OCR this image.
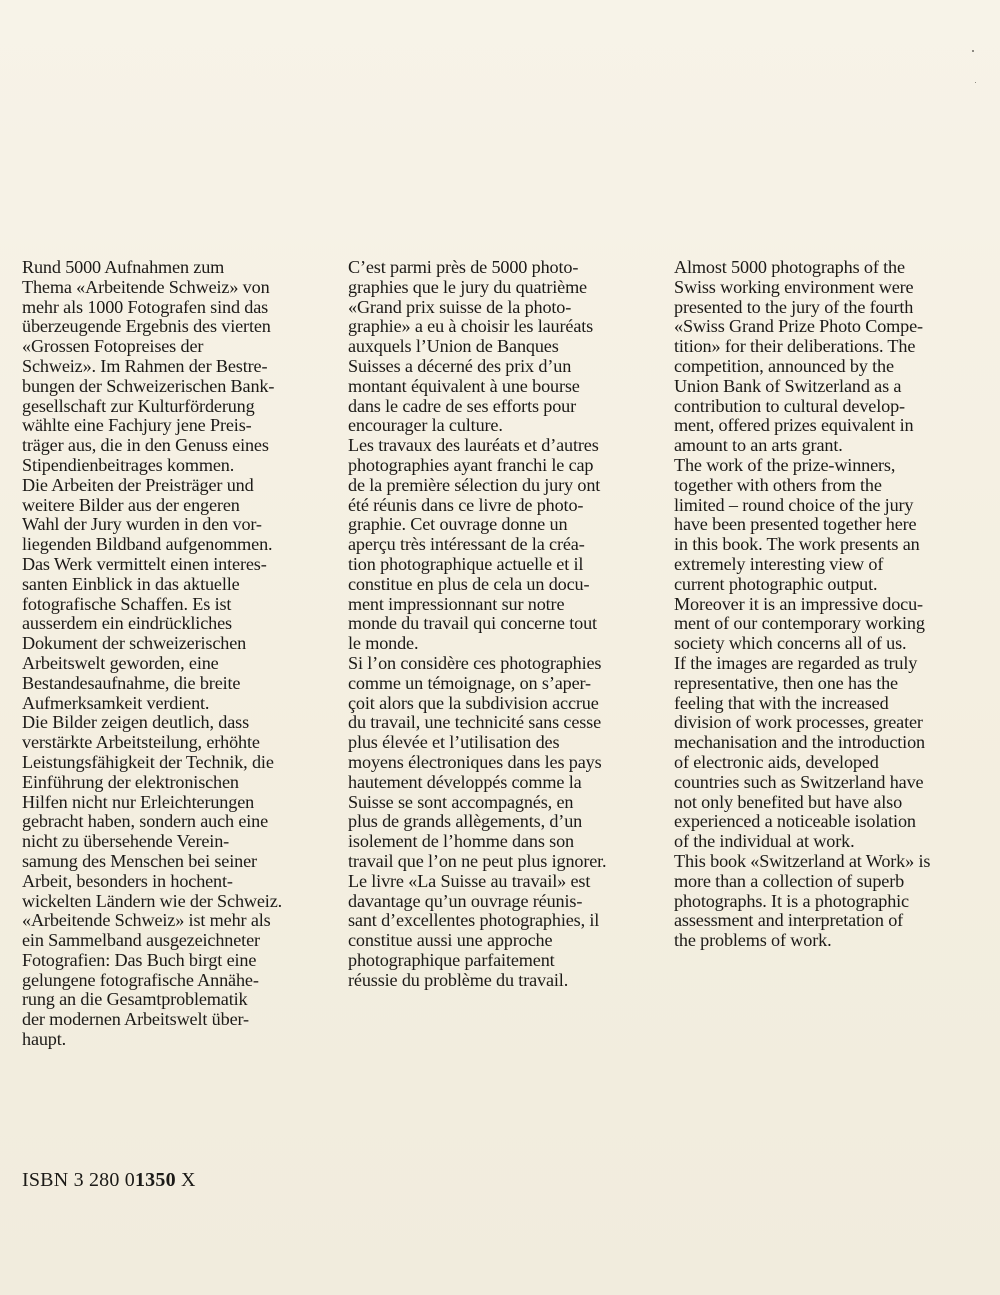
Rund 5000 Aufnahmen zum
Thema «Arbeitende Schweiz» von
mehr als 1000 Fotografen sind das
überzeugende Ergebnis des vierten
«Grossen Fotopreises der
Schweiz». Im Rahmen der Bestre-
bungen der Schweizerischen Bank-
gesellschaft zur Kulturförderung
wählte eine Fachjury jene Preis-
träger aus, die in den Genuss eines
Stipendienbeitrages kommen.
Die Arbeiten der Preisträger und
weitere Bilder aus der engeren
Wahl der Jury wurden in den vor-
liegenden Bildband aufgenommen.
Das Werk vermittelt einen interes-
santen Einblick in das aktuelle
fotografische Schaffen. Es ist
ausserdem ein eindrückliches
Dokument der schweizerischen
Arbeitswelt geworden, eine
Bestandesaufnahme, die breite
Aufmerksamkeit verdient.
Die Bilder zeigen deutlich, dass
verstärkte Arbeitsteilung, erhöhte
Leistungsfähigkeit der Technik, die
Einführung der elektronischen
Hilfen nicht nur Erleichterungen
gebracht haben, sondern auch eine
nicht zu übersehende Verein-
samung des Menschen bei seiner
Arbeit, besonders in hochent-
wickelten Ländern wie der Schweiz.
«Arbeitende Schweiz» ist mehr als
ein Sammelband ausgezeichneter
Fotografien: Das Buch birgt eine
gelungene fotografische Annähe-
rung an die Gesamtproblematik
der modernen Arbeitswelt über-
haupt.
C’est parmi près de 5000 photo-
graphies que le jury du quatrième
«Grand prix suisse de la photo-
graphie» a eu à choisir les lauréats
auxquels l’Union de Banques
Suisses a décerné des prix d’un
montant équivalent à une bourse
dans le cadre de ses efforts pour
encourager la culture.
Les travaux des lauréats et d’autres
photographies ayant franchi le cap
de la première sélection du jury ont
été réunis dans ce livre de photo-
graphie. Cet ouvrage donne un
aperçu très intéressant de la créa-
tion photographique actuelle et il
constitue en plus de cela un docu-
ment impressionnant sur notre
monde du travail qui concerne tout
le monde.
Si l’on considère ces photographies
comme un témoignage, on s’aper-
çoit alors que la subdivision accrue
du travail, une technicité sans cesse
plus élevée et l’utilisation des
moyens électroniques dans les pays
hautement développés comme la
Suisse se sont accompagnés, en
plus de grands allègements, d’un
isolement de l’homme dans son
travail que l’on ne peut plus ignorer.
Le livre «La Suisse au travail» est
davantage qu’un ouvrage réunis-
sant d’excellentes photographies, il
constitue aussi une approche
photographique parfaitement
réussie du problème du travail.
Almost 5000 photographs of the
Swiss working environment were
presented to the jury of the fourth
«Swiss Grand Prize Photo Compe-
tition» for their deliberations. The
competition, announced by the
Union Bank of Switzerland as a
contribution to cultural develop-
ment, offered prizes equivalent in
amount to an arts grant.
The work of the prize-winners,
together with others from the
limited – round choice of the jury
have been presented together here
in this book. The work presents an
extremely interesting view of
current photographic output.
Moreover it is an impressive docu-
ment of our contemporary working
society which concerns all of us.
If the images are regarded as truly
representative, then one has the
feeling that with the increased
division of work processes, greater
mechanisation and the introduction
of electronic aids, developed
countries such as Switzerland have
not only benefited but have also
experienced a noticeable isolation
of the individual at work.
This book «Switzerland at Work» is
more than a collection of superb
photographs. It is a photographic
assessment and interpretation of
the problems of work.
ISBN 3 280 01350 X
